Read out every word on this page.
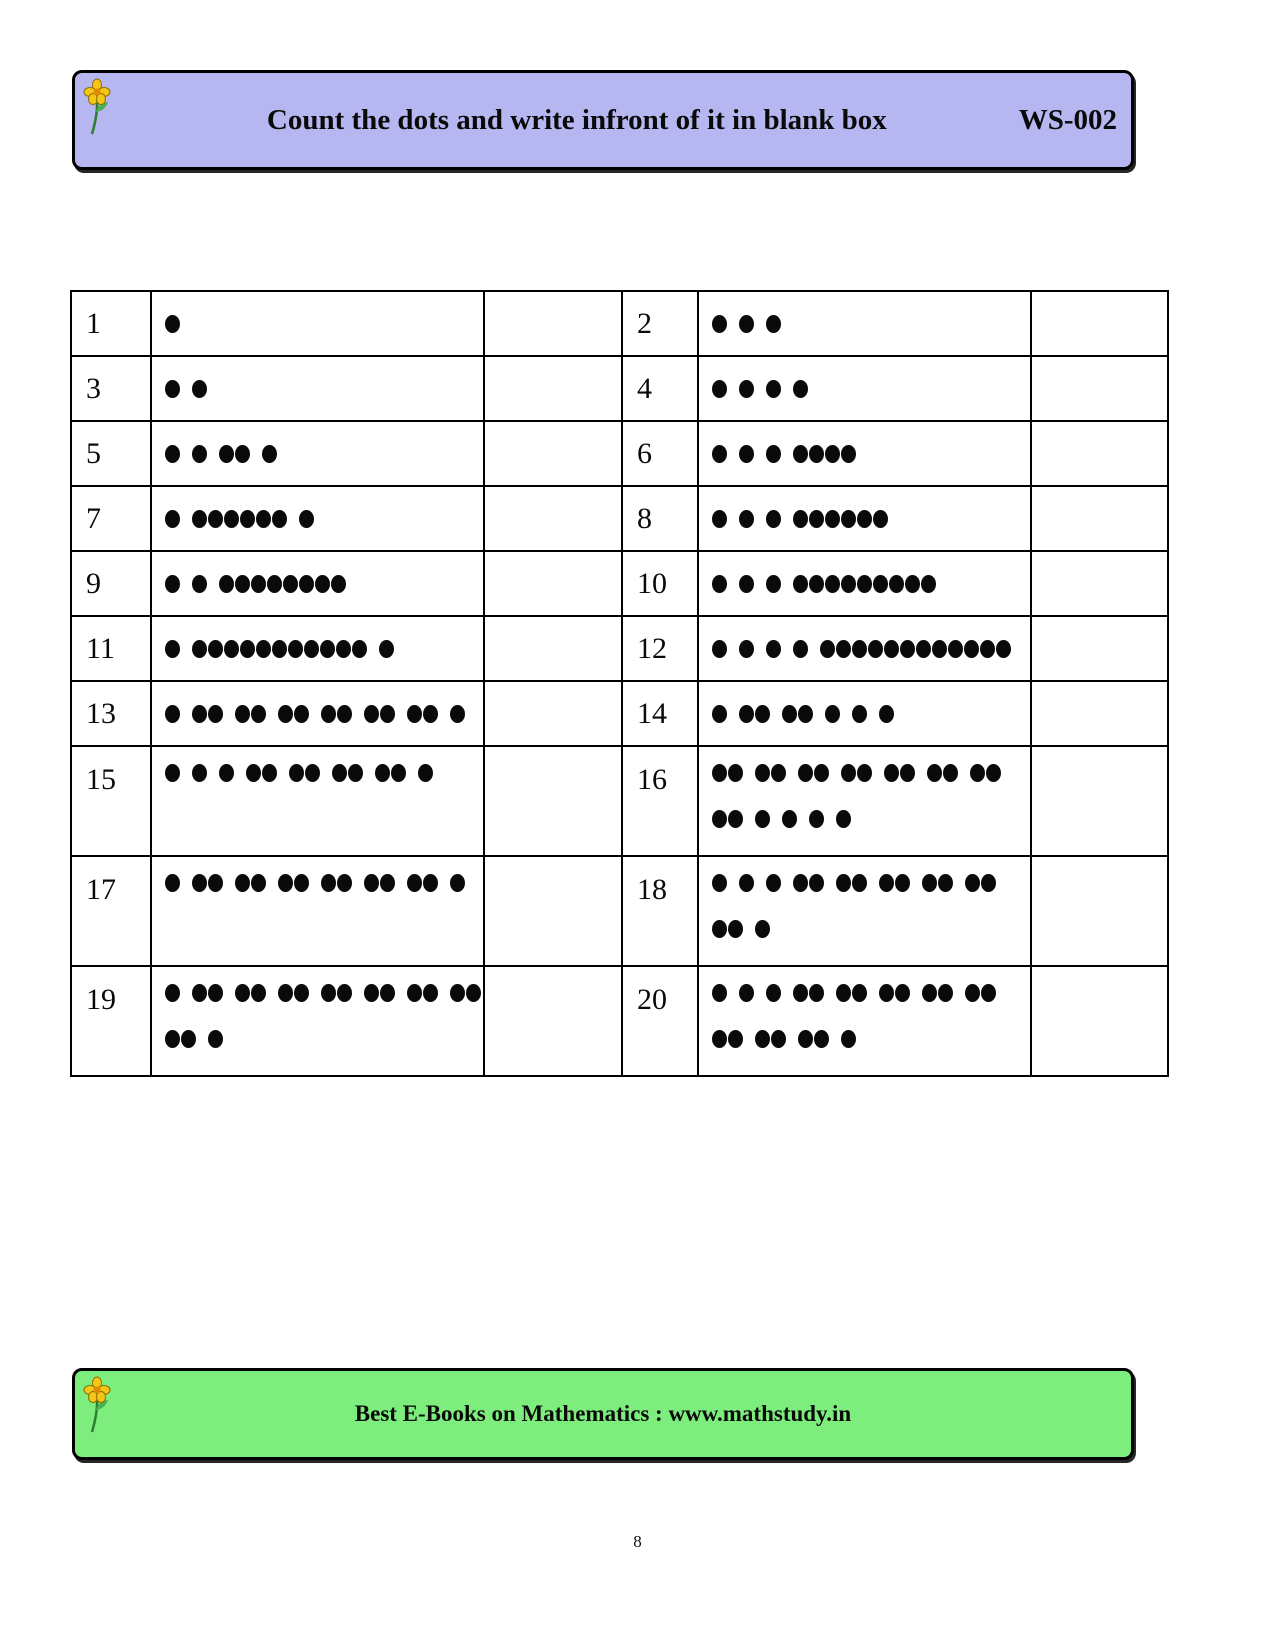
Count the dots and write infront of it in blank box	WS-002
1			2	

3			4	

5			6	

7			8	

9			10	

11			12	

13			14	

15			16	

17			18	

19			20	

Best E-Books on Mathematics : www.mathstudy.in
8
